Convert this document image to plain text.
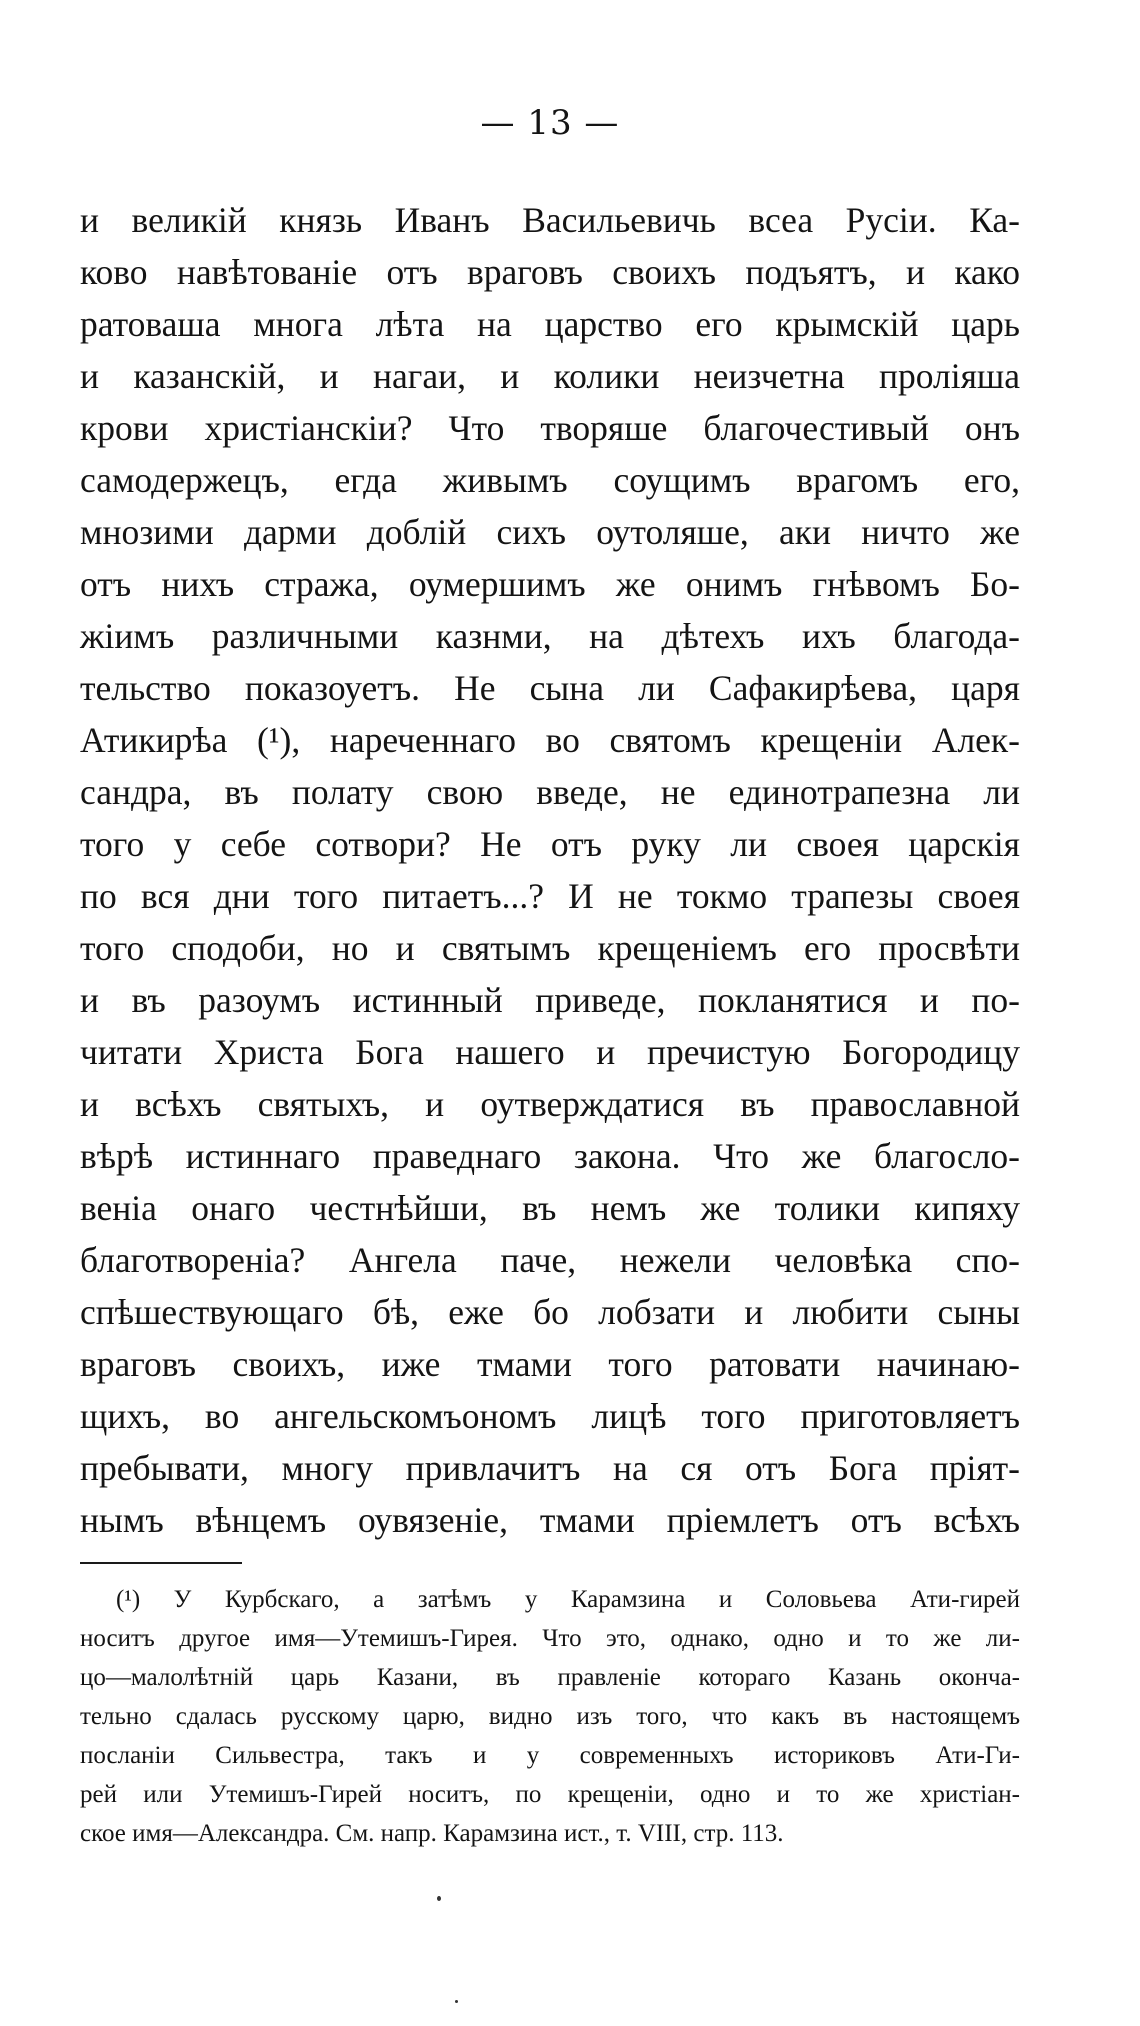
— 13 —
и великій князь Иванъ Васильевичь всеа Русіи. Ка-
ково навѣтованіе отъ враговъ своихъ подъятъ, и како
ратоваша многа лѣта на царство его крымскій царь
и казанскій, и нагаи, и колики неизчетна проліяша
крови христіанскіи? Что творяше благочестивый онъ
самодержецъ, егда живымъ соущимъ врагомъ его,
мнозими дарми доблій сихъ оутоляше, аки ничто же
отъ нихъ стража, оумершимъ же онимъ гнѣвомъ Бо-
жіимъ различными казнми, на дѣтехъ ихъ благода-
тельство показоуетъ. Не сына ли Сафакирѣева, царя
Атикирѣа (¹), нареченнаго во святомъ крещеніи Алек-
сандра, въ полату свою введе, не единотрапезна ли
того у себе сотвори? Не отъ руку ли своея царскія
по вся дни того питаетъ...? И не токмо трапезы своея
того сподоби, но и святымъ крещеніемъ его просвѣти
и въ разоумъ истинный приведе, покланятися и по-
читати Христа Бога нашего и пречистую Богородицу
и всѣхъ святыхъ, и оутверждатися въ православной
вѣрѣ истиннаго праведнаго закона. Что же благосло-
веніа онаго честнѣйши, въ немъ же толики кипяху
благотвореніа? Ангела паче, нежели человѣка спо-
спѣшествующаго бѣ, еже бо лобзати и любити сыны
враговъ своихъ, иже тмами того ратовати начинаю-
щихъ, во ангельскомъономъ лицѣ того приготовляетъ
пребывати, многу привлачитъ на ся отъ Бога пріят-
нымъ вѣнцемъ оувязеніе, тмами пріемлетъ отъ всѣхъ
(¹) У Курбскаго, а затѣмъ у Карамзина и Соловьева Ати-гирей
носитъ другое имя—Утемишъ-Гирея. Что это, однако, одно и то же ли-
цо—малолѣтній царь Казани, въ правленіе котораго Казань оконча-
тельно сдалась русскому царю, видно изъ того, что какъ въ настоящемъ
посланіи Сильвестра, такъ и у современныхъ историковъ Ати-Ги-
рей или Утемишъ-Гирей носитъ, по крещеніи, одно и то же христіан-
ское имя—Александра. См. напр. Карамзина ист., т. VIII, стр. 113.
